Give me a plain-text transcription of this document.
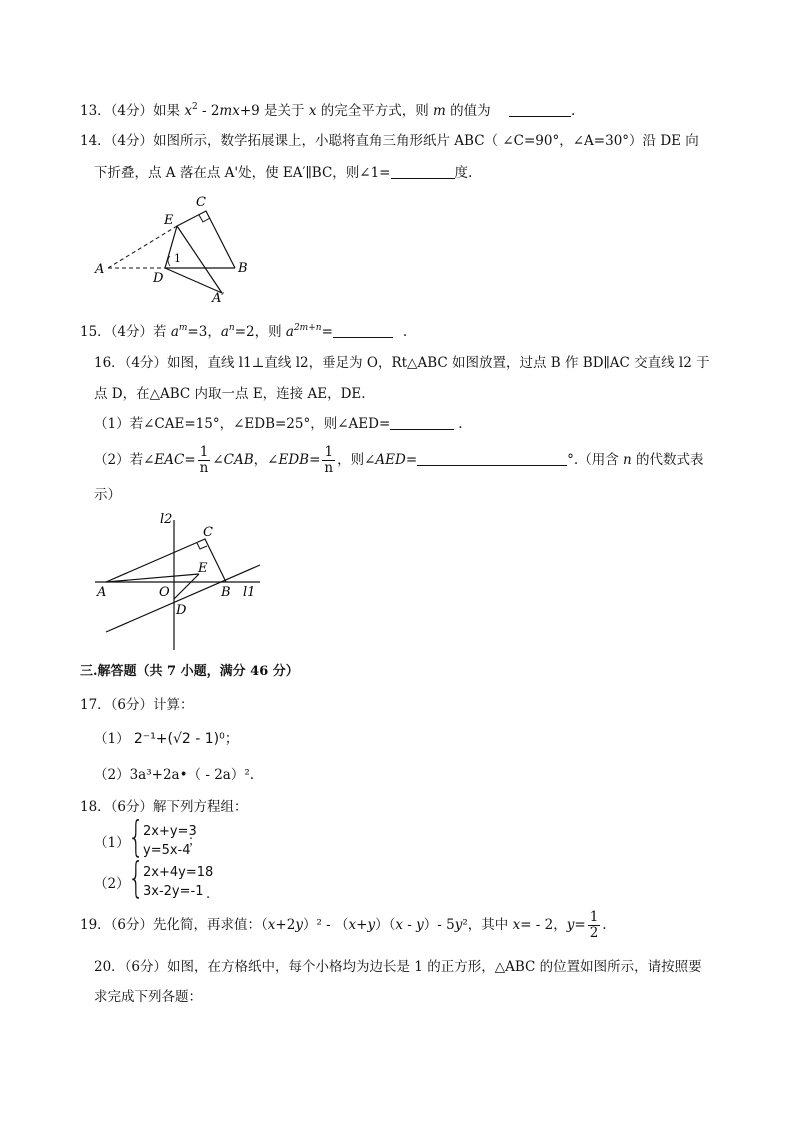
13．（4分）如果 $x^2 - 2mx+9$ 是关于 x 的完全平方式，则 m 的值为	.
14．（4分）如图所示，数学拓展课上，小聪将直角三角形纸片 ABC（ ∠C=90°，∠A=30°）沿 DE 向
下折叠，点 A 落在点 A'处，使 EA′∥BC，则∠1=	度.
C
E
1
A
D
B
A′
15．（4分）若 $a^m=3$，$a^n=2$，则 $a^{2m+n}=$	.
16．（4分）如图，直线 l1⊥直线 l2，垂足为 O，Rt△ABC 如图放置，过点 B 作 BD∥AC 交直线 l2 于
点 D，在△ABC 内取一点 E，连接 AE，DE.
（1）若∠CAE=15°，∠EDB=25°，则∠AED=	.
（2）若∠EAC= $\frac{1}{n}$ ∠CAB，∠EDB= $\frac{1}{n}$ ，则∠AED=	°.（用含 n 的代数式表
示）
l2
C
E
A	O	B l1
D
三.解答题（共 7 小题，满分 46 分）
17．（6分）计算：
（1） 2⁻¹+(√2 - 1)⁰；
（2）3a³+2a•（ - 2a）².
18．（6分）解下列方程组：
（1）
{
2x+y=3
y=5x-4
；
（2）
{
2x+4y=18
3x-2y=-1 .
19．（6分）先化简，再求值：（x+2y）² - （x+y）（x - y）- 5y²，其中 x= - 2，$y= \frac{1}{2}$ .
20．（6分）如图，在方格纸中，每个小格均为边长是 1 的正方形，△ABC 的位置如图所示，请按照要
求完成下列各题：
